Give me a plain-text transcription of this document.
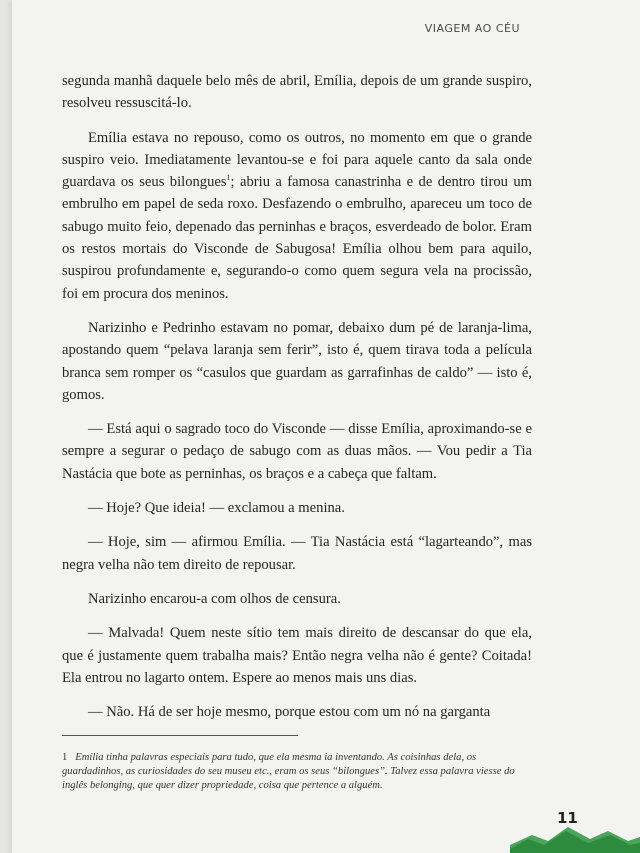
VIAGEM AO CÉU

segunda manhã daquele belo mês de abril, Emília, depois de um grande suspiro, resolveu ressuscitá-lo.

Emília estava no repouso, como os outros, no momento em que o grande suspiro veio. Imediatamente levantou-se e foi para aquele canto da sala onde guardava os seus bilongues$^1$; abriu a famosa canastrinha e de dentro tirou um embrulho em papel de seda roxo. Desfazendo o embrulho, apareceu um toco de sabugo muito feio, depenado das perninhas e braços, esverdeado de bolor. Eram os restos mortais do Visconde de Sabugosa! Emília olhou bem para aquilo, suspirou profundamente e, segurando-o como quem segura vela na procissão, foi em procura dos meninos.

Narizinho e Pedrinho estavam no pomar, debaixo dum pé de laranja-lima, apostando quem “pelava laranja sem ferir”, isto é, quem tirava toda a película branca sem romper os “casulos que guardam as garrafinhas de caldo” — isto é, gomos.

— Está aqui o sagrado toco do Visconde — disse Emília, aproximando-se e sempre a segurar o pedaço de sabugo com as duas mãos. — Vou pedir a Tia Nastácia que bote as perninhas, os braços e a cabeça que faltam.

— Hoje? Que ideia! — exclamou a menina.

— Hoje, sim — afirmou Emília. — Tia Nastácia está “lagarteando”, mas negra velha não tem direito de repousar.

Narizinho encarou-a com olhos de censura.

— Malvada! Quem neste sítio tem mais direito de descansar do que ela, que é justamente quem trabalha mais? Então negra velha não é gente? Coitada! Ela entrou no lagarto ontem. Espere ao menos mais uns dias.

— Não. Há de ser hoje mesmo, porque estou com um nó na garganta

1 Emília tinha palavras especiais para tudo, que ela mesma ia inventando. As coisinhas dela, os guardadinhos, as curiosidades do seu museu etc., eram os seus “bilongues”. Talvez essa palavra viesse do inglês belonging, que quer dizer propriedade, coisa que pertence a alguém.
11
